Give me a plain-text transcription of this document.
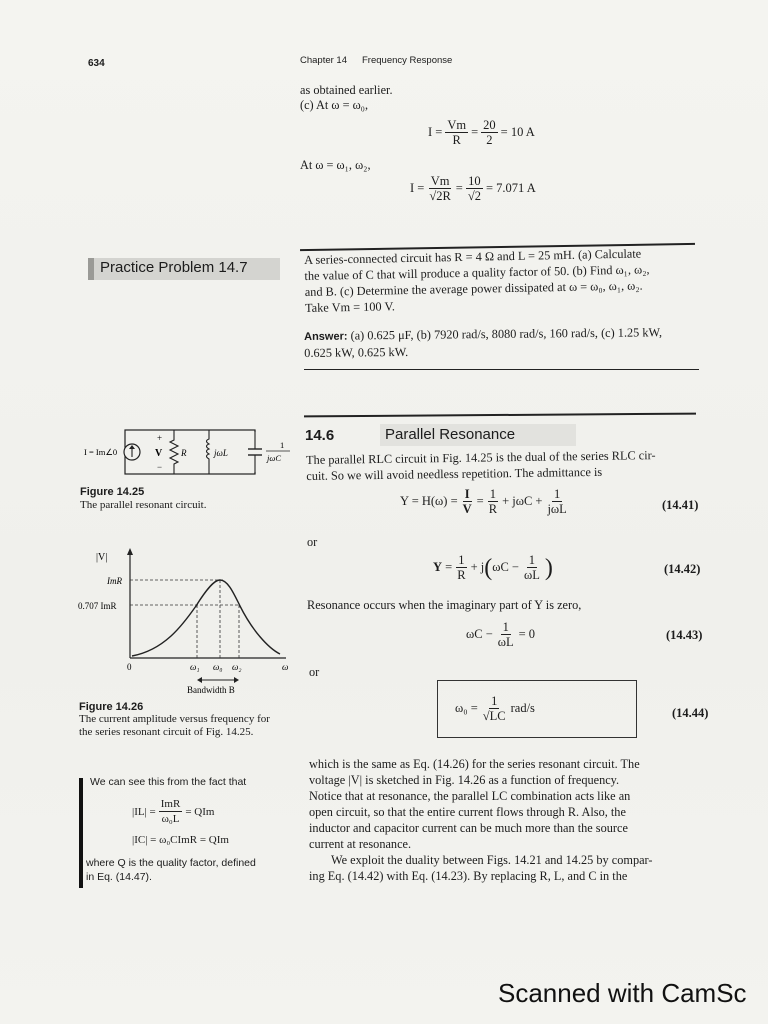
634	Chapter 14 Frequency Response
as obtained earlier.
(c) At ω = ω₀,
$I = \frac{Vm}{R} = \frac{20}{2} = 10$ A
At ω = ω₁, ω₂,
$I = \frac{Vm}{√2R} = \frac{10}{√2} = 7.071$ A
Practice Problem 14.7
A series-connected circuit has R = 4 Ω and L = 25 mH. (a) Calculate
the value of C that will produce a quality factor of 50. (b) Find ω₁, ω₂,
and B. (c) Determine the average power dissipated at ω = ω₀, ω₁, ω₂.
Take Vm = 100 V.
Answer: (a) 0.625 μF, (b) 7920 rad/s, 8080 rad/s, 160 rad/s, (c) 1.25 kW,
0.625 kW, 0.625 kW.
14.6	Parallel Resonance
The parallel RLC circuit in Fig. 14.25 is the dual of the series RLC cir-
cuit. So we will avoid needless repetition. The admittance is
$Y = H(\omega) = \frac{I}{V} = \frac{1}{R} + j\omega C + \frac{1}{\text{jωL}}$	(14.41)
or
$Y = \frac{1}{R} + j$ ( $\omega C - \frac{1}{\omega L}$ )	(14.42)
Resonance occurs when the imaginary part of Y is zero,
$\omega C - \frac{1}{\omega L} = 0$	(14.43)
or
$\omega_0 = \frac{1}{√LC} rad/s$	(14.44)
which is the same as Eq. (14.26) for the series resonant circuit. The
voltage |V| is sketched in Fig. 14.26 as a function of frequency.
Notice that at resonance, the parallel LC combination acts like an
open circuit, so that the entire current flows through R. Also, the
inductor and capacitor current can be much more than the source
current at resonance.
We exploit the duality between Figs. 14.21 and 14.25 by compar-
ing Eq. (14.42) with Eq. (14.23). By replacing R, L, and C in the
I = Im∠0
+
V
−
R	jωL
1
jωC
Figure 14.25
The parallel resonant circuit.
|V|
ImR
0.707 ImR
0	ω₁ ω₀ ω₂	ω
Bandwidth B
Figure 14.26
The current amplitude versus frequency for
the series resonant circuit of Fig. 14.25.
We can see this from the fact that
$|IL| = \frac{\text{ImR}}{\text{ω₀L}}$ = QIm
|IC| = ω₀CImR = QIm
where Q is the quality factor, defined
in Eq. (14.47).
Scanned with CamSc
